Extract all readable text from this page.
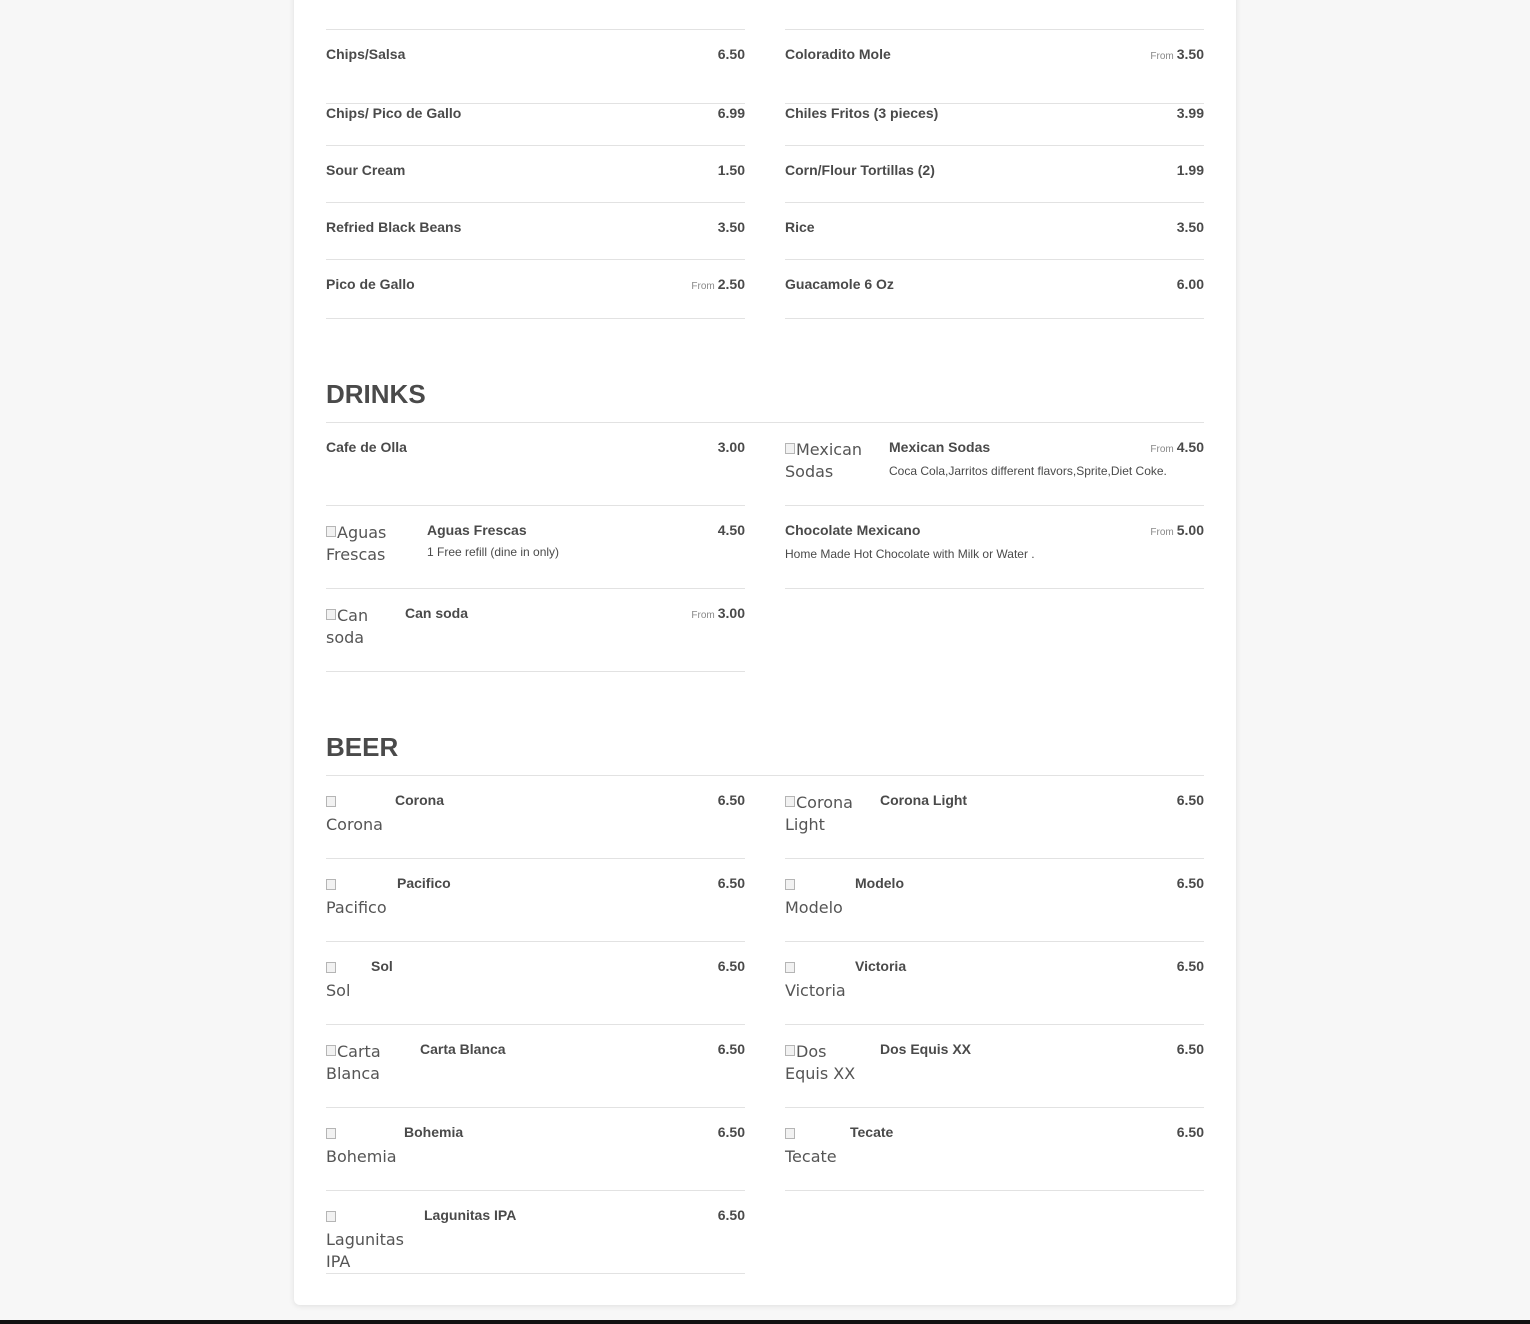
Chips/Salsa	6.50
Chips/ Pico de Gallo	6.99
Sour Cream	1.50
Refried Black Beans	3.50
Pico de Gallo	From 2.50
Coloradito Mole	From 3.50
Chiles Fritos (3 pieces)	3.99
Corn/Flour Tortillas (2)	1.99
Rice	3.50
Guacamole 6 Oz	6.00
DRINKS
Cafe de Olla	3.00
Aguas
Frescas
Aguas Frescas
1 Free refill (dine in only)
4.50
Can
soda
Can soda	From 3.00
Mexican
Sodas
Mexican Sodas
Coca Cola,Jarritos different flavors,Sprite,Diet Coke.
From 4.50
Chocolate Mexicano
Home Made Hot Chocolate with Milk or Water .
From 5.00
BEER

Corona
Corona	6.50

Pacifico
Pacifico	6.50

Sol
Sol	6.50
Carta
Blanca
Carta Blanca	6.50

Bohemia
Bohemia	6.50

Lagunitas
IPA
Lagunitas IPA	6.50
Corona
Light
Corona Light	6.50

Modelo
Modelo	6.50

Victoria
Victoria	6.50
Dos
Equis XX
Dos Equis XX	6.50

Tecate
Tecate	6.50
